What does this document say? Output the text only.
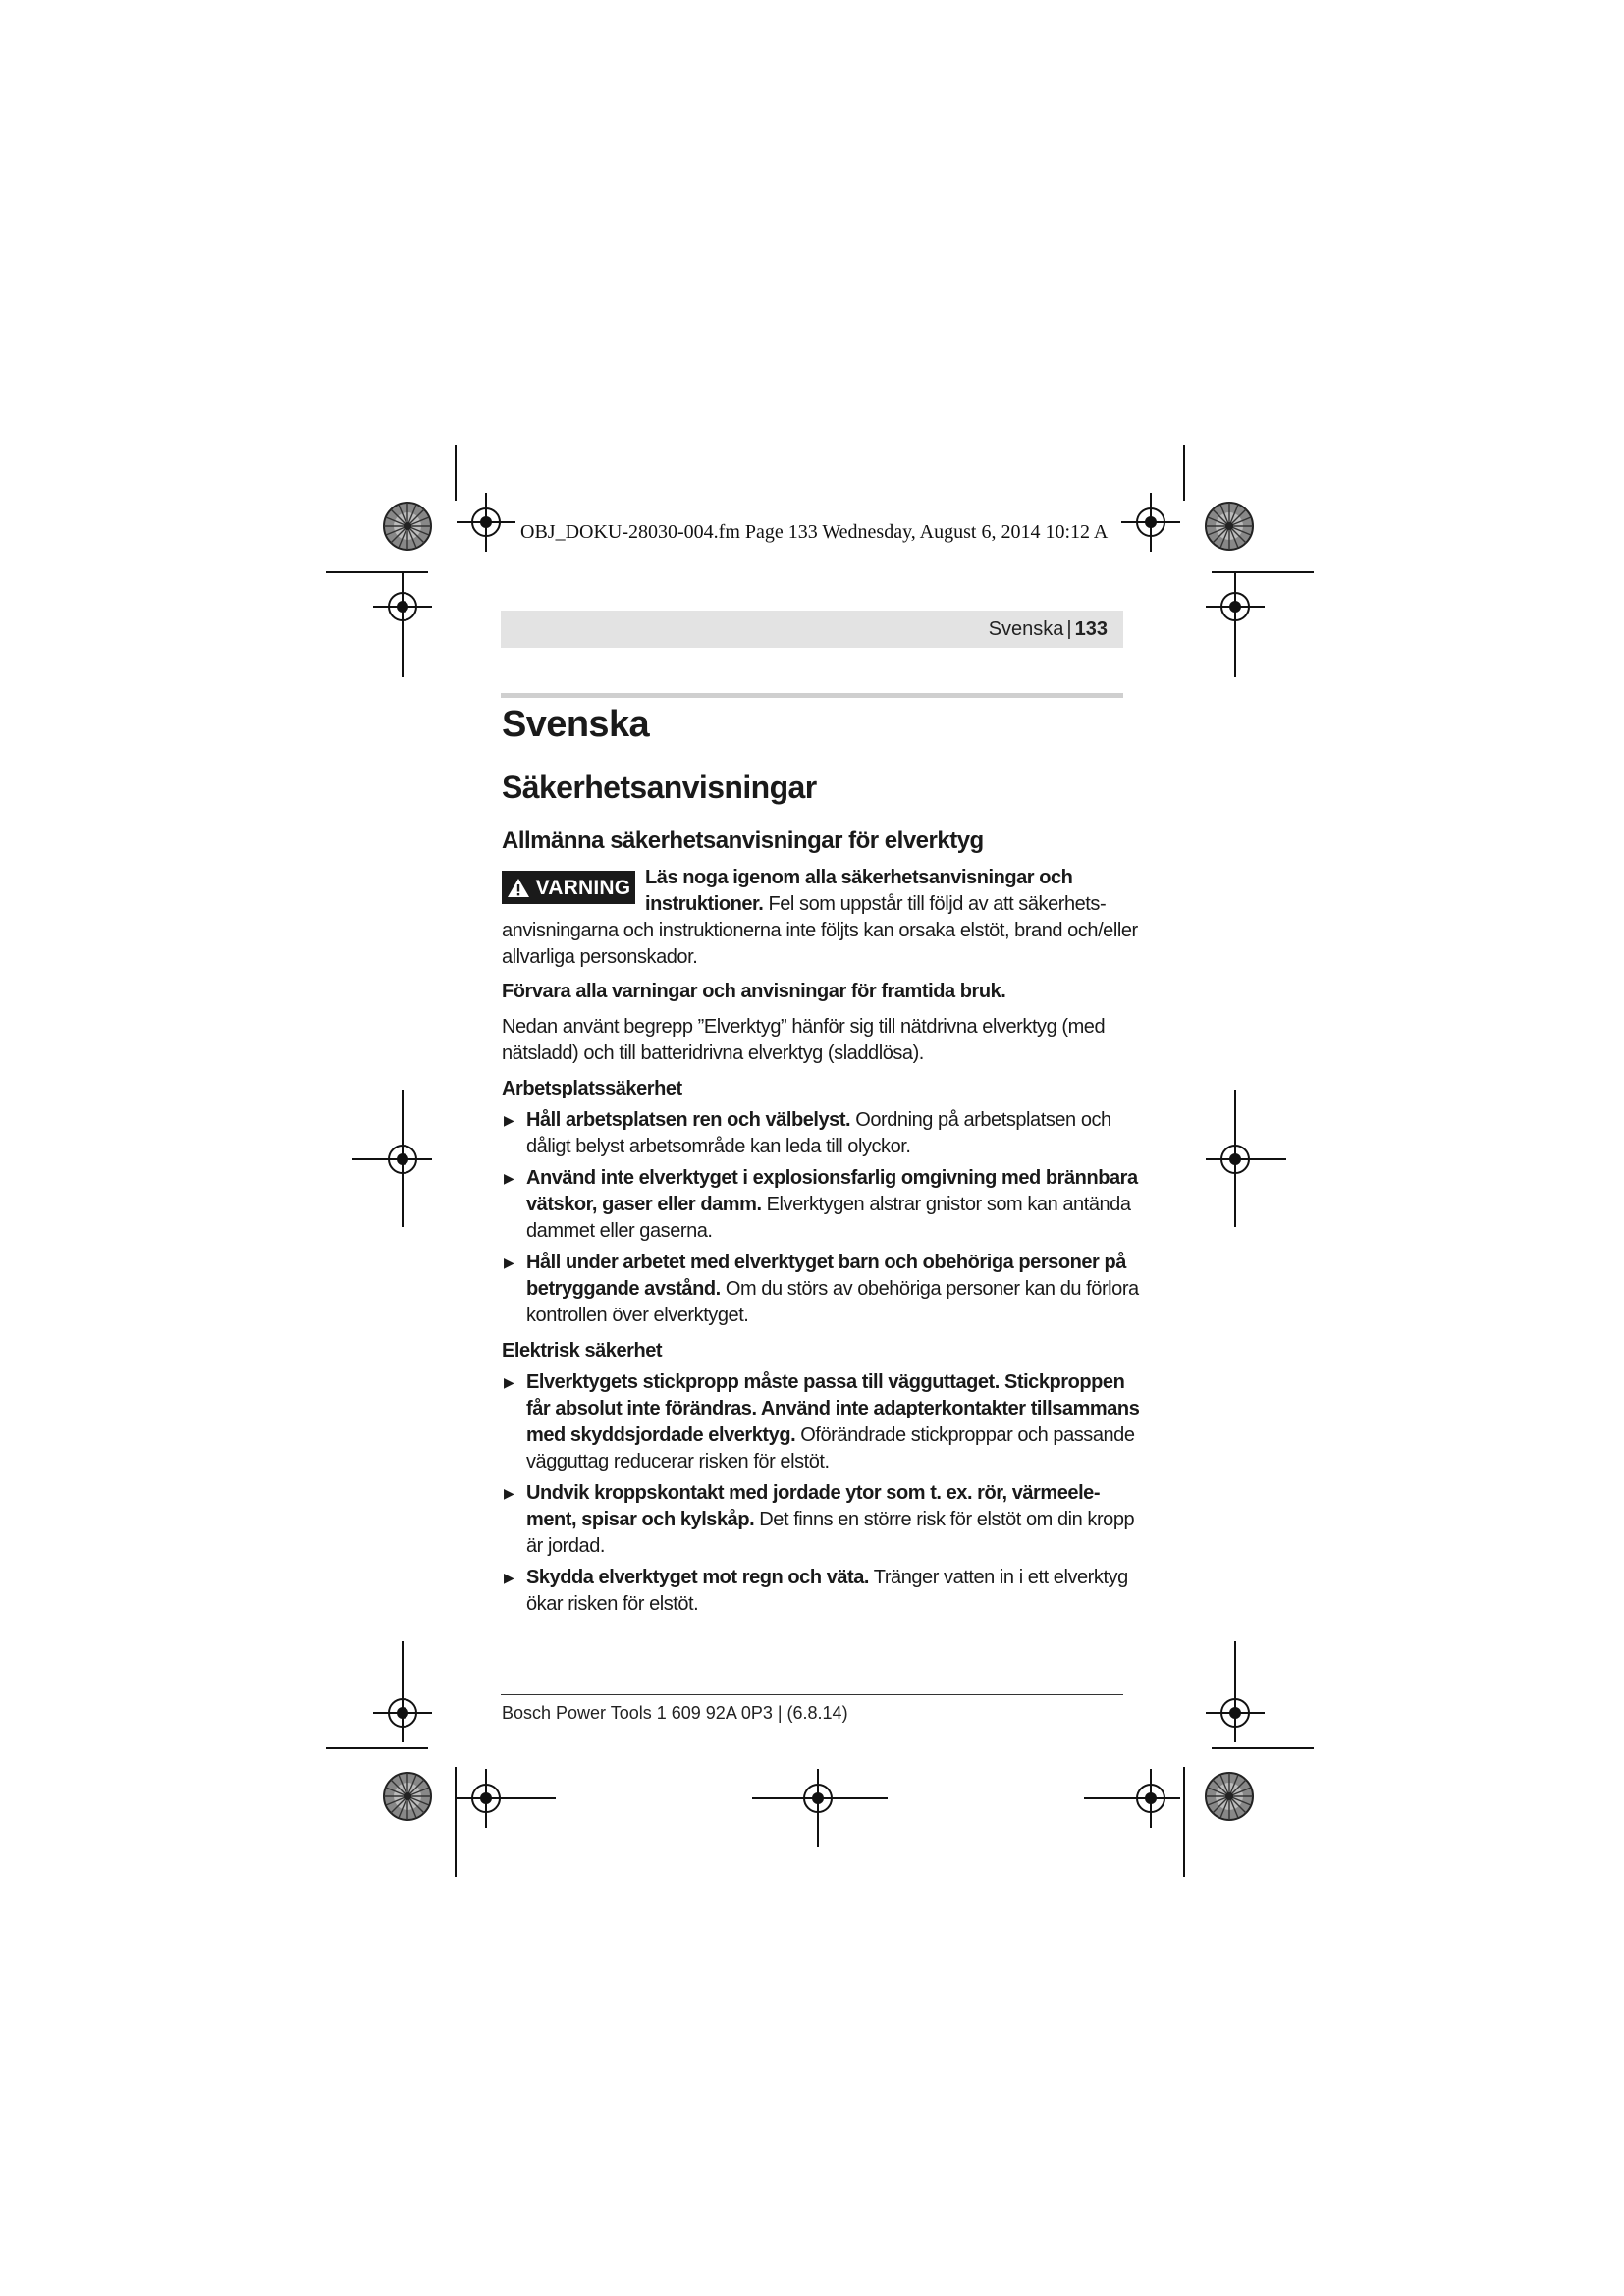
OBJ_DOKU-28030-004.fm Page 133 Wednesday, August 6, 2014 10:12 A
Svenska | 133
Svenska
Säkerhetsanvisningar
Allmänna säkerhetsanvisningar för elverktyg
VARNING Läs noga igenom alla säkerhetsanvisningar och instruktioner. Fel som uppstår till följd av att säkerhetsanvisningarna och instruktionerna inte följts kan orsaka elstöt, brand och/eller allvarliga personskador.

Förvara alla varningar och anvisningar för framtida bruk.

Nedan använt begrepp ”Elverktyg” hänför sig till nätdrivna elverktyg (med nätsladd) och till batteridrivna elverktyg (sladdlösa).

Arbetsplatssäkerhet
▶ Håll arbetsplatsen ren och välbelyst. Oordning på arbetsplatsen och dåligt belyst arbetsområde kan leda till olyckor.
▶ Använd inte elverktyget i explosionsfarlig omgivning med brännbara vätskor, gaser eller damm. Elverktygen alstrar gnistor som kan antända dammet eller gaserna.
▶ Håll under arbetet med elverktyget barn och obehöriga personer på betryggande avstånd. Om du störs av obehöriga personer kan du förlora kontrollen över elverktyget.
Elektrisk säkerhet
▶ Elverktygets stickpropp måste passa till vägguttaget. Stickproppen får absolut inte förändras. Använd inte adapterkontakter tillsammans med skyddsjordade elverktyg. Oförändrade stickproppar och passande vägguttag reducerar risken för elstöt.
▶ Undvik kroppskontakt med jordade ytor som t. ex. rör, värmeelement, spisar och kylskåp. Det finns en större risk för elstöt om din kropp är jordad.
▶ Skydda elverktyget mot regn och väta. Tränger vatten in i ett elverktyg ökar risken för elstöt.
Bosch Power Tools 1 609 92A 0P3 | (6.8.14)
